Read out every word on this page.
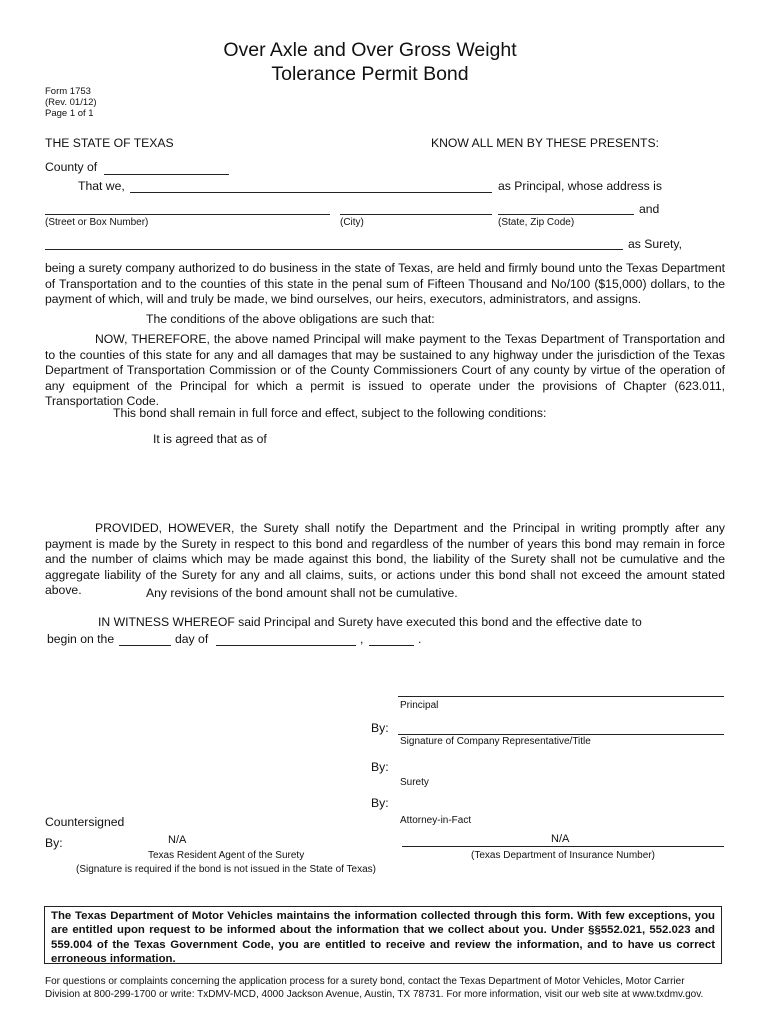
Over Axle and Over Gross Weight
Tolerance Permit Bond
Form 1753
(Rev. 01/12)
Page 1 of 1
THE STATE OF TEXAS	KNOW ALL MEN BY THESE PRESENTS:
County of
That we,	as Principal, whose address is
and
(Street or Box Number)	(City)	(State, Zip Code)
as Surety,
being a surety company authorized to do business in the state of Texas, are held and firmly bound unto the Texas Department of Transportation and to the counties of this state in the penal sum of Fifteen Thousand and No/100 ($15,000) dollars, to the payment of which, will and truly be made, we bind ourselves, our heirs, executors, administrators, and assigns.
The conditions of the above obligations are such that:
NOW, THEREFORE, the above named Principal will make payment to the Texas Department of Transportation and to the counties of this state for any and all damages that may be sustained to any highway under the jurisdiction of the Texas Department of Transportation Commission or of the County Commissioners Court of any county by virtue of the operation of any equipment of the Principal for which a permit is issued to operate under the provisions of Chapter (623.011, Transportation Code.
This bond shall remain in full force and effect, subject to the following conditions:
It is agreed that as of
PROVIDED, HOWEVER, the Surety shall notify the Department and the Principal in writing promptly after any payment is made by the Surety in respect to this bond and regardless of the number of years this bond may remain in force and the number of claims which may be made against this bond, the liability of the Surety shall not be cumulative and the aggregate liability of the Surety for any and all claims, suits, or actions under this bond shall not exceed the amount stated above.	Any revisions of the bond amount shall not be cumulative.
IN WITNESS WHEREOF said Principal and Surety have executed this bond and the effective date to
begin on the	day of	,	.
Principal
By:
Signature of Company Representative/Title
By:
Surety
By:
Attorney-in-Fact
Countersigned
By:	N/A
Texas Resident Agent of the Surety
(Signature is required if the bond is not issued in the State of Texas)
N/A
(Texas Department of Insurance Number)

The Texas Department of Motor Vehicles maintains the information collected through this form. With few exceptions, you are entitled upon request to be informed about the information that we collect about you. Under §§552.021, 552.023 and 559.004 of the Texas Government Code, you are entitled to receive and review the information, and to have us correct erroneous information.

For questions or complaints concerning the application process for a surety bond, contact the Texas Department of Motor Vehicles, Motor Carrier
Division at 800-299-1700 or write: TxDMV-MCD, 4000 Jackson Avenue, Austin, TX 78731. For more information, visit our web site at www.txdmv.gov.
